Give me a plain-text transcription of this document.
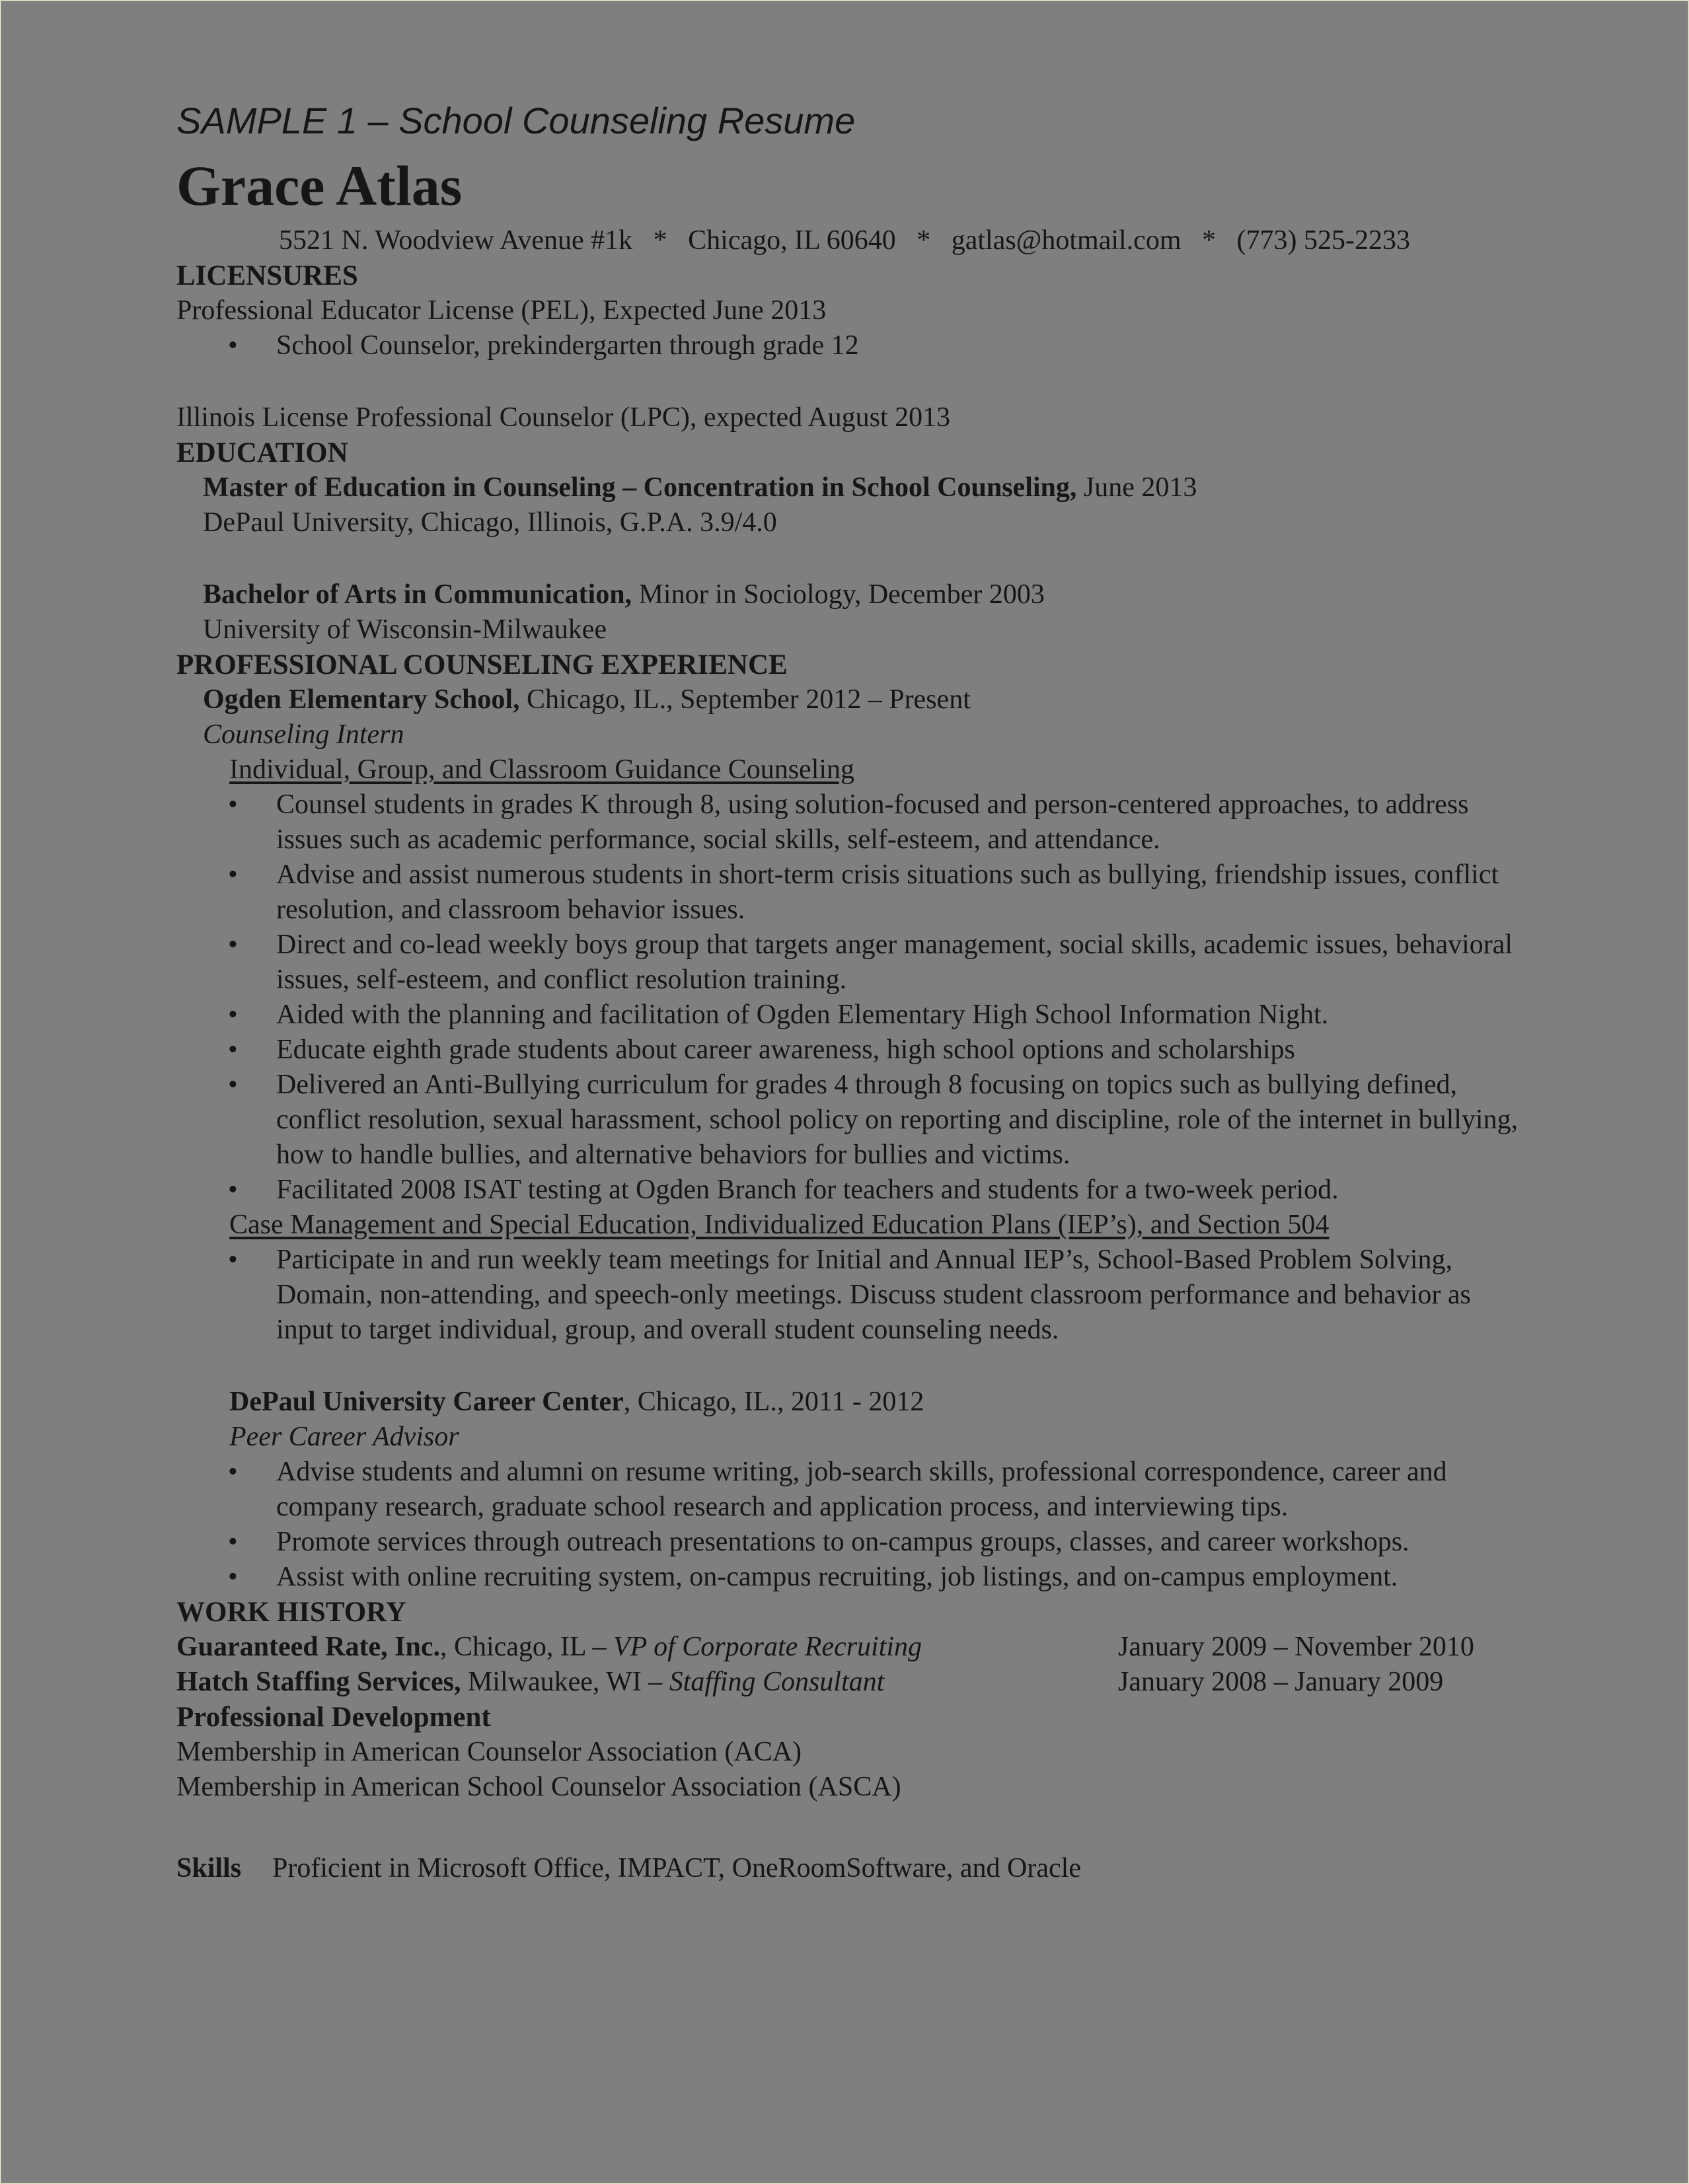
SAMPLE 1 – School Counseling Resume
Grace Atlas
5521 N. Woodview Avenue #1k   *   Chicago, IL 60640   *   gatlas@hotmail.com   *   (773) 525-2233
LICENSURES

Professional Educator License (PEL), Expected June 2013

• School Counselor, prekindergarten through grade 12

Illinois License Professional Counselor (LPC), expected August 2013

EDUCATION

Master of Education in Counseling – Concentration in School Counseling, June 2013

DePaul University, Chicago, Illinois, G.P.A. 3.9/4.0

Bachelor of Arts in Communication, Minor in Sociology, December 2003

University of Wisconsin-Milwaukee

PROFESSIONAL COUNSELING EXPERIENCE

Ogden Elementary School, Chicago, IL., September 2012 – Present

Counseling Intern

Individual, Group, and Classroom Guidance Counseling

• Counsel students in grades K through 8, using solution-focused and person-centered approaches, to address issues such as academic performance, social skills, self-esteem, and attendance.
• Advise and assist numerous students in short-term crisis situations such as bullying, friendship issues, conflict resolution, and classroom behavior issues.
• Direct and co-lead weekly boys group that targets anger management, social skills, academic issues, behavioral issues, self-esteem, and conflict resolution training.
• Aided with the planning and facilitation of Ogden Elementary High School Information Night.
• Educate eighth grade students about career awareness, high school options and scholarships
• Delivered an Anti-Bullying curriculum for grades 4 through 8 focusing on topics such as bullying defined, conflict resolution, sexual harassment, school policy on reporting and discipline, role of the internet in bullying, how to handle bullies, and alternative behaviors for bullies and victims.
• Facilitated 2008 ISAT testing at Ogden Branch for teachers and students for a two-week period.

Case Management and Special Education, Individualized Education Plans (IEP’s), and Section 504

• Participate in and run weekly team meetings for Initial and Annual IEP’s, School-Based Problem Solving, Domain, non-attending, and speech-only meetings. Discuss student classroom performance and behavior as input to target individual, group, and overall student counseling needs.

DePaul University Career Center, Chicago, IL., 2011 - 2012

Peer Career Advisor

• Advise students and alumni on resume writing, job-search skills, professional correspondence, career and company research, graduate school research and application process, and interviewing tips.
• Promote services through outreach presentations to on-campus groups, classes, and career workshops.
• Assist with online recruiting system, on-campus recruiting, job listings, and on-campus employment.
WORK HISTORY
Guaranteed Rate, Inc., Chicago, IL – VP of Corporate Recruiting	January 2009 – November 2010
Hatch Staffing Services, Milwaukee, WI – Staffing Consultant	January 2008 – January 2009
Professional Development

Membership in American Counselor Association (ACA)

Membership in American School Counselor Association (ASCA)

Skills Proficient in Microsoft Office, IMPACT, OneRoomSoftware, and Oracle
